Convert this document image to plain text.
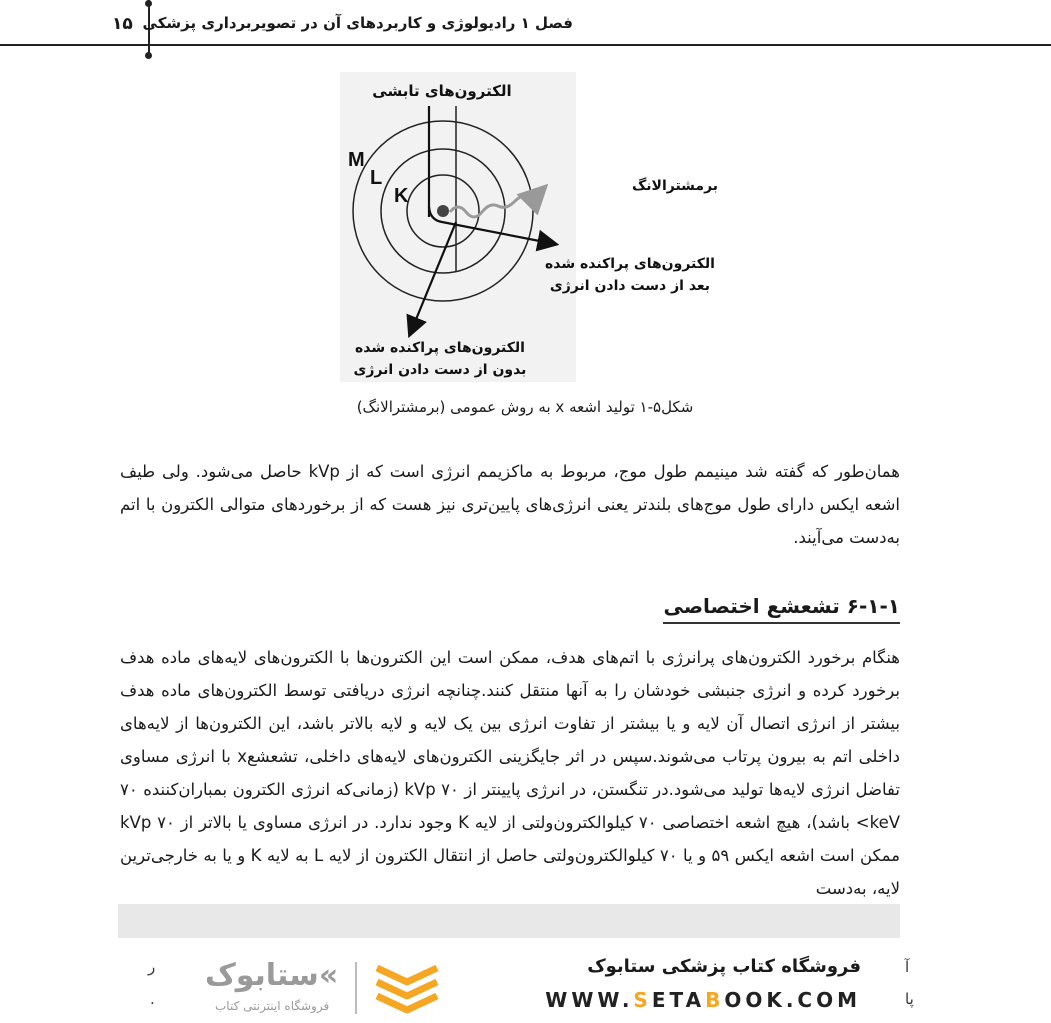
۱۵ فصل ۱ رادیولوژی و کاربردهای آن در تصویربرداری پزشکی
M
L
K
الکترون‌های تابشی
برمشترالانگ
الکترون‌های پراکنده شده
بعد از دست دادن انرژی
الکترون‌های پراکنده شده
بدون از دست دادن انرژی
شکل۵-۱ تولید اشعه x به روش عمومی (برمشترالانگ)
همان‌طور که گفته شد مینیمم طول موج، مربوط به ماکزیمم انرژی است که از kVp حاصل می‌شود. ولی طیف اشعه ایکس دارای طول موج‌های بلندتر یعنی انرژی‌های پایین‌تری نیز هست که از برخوردهای متوالی الکترون با اتم به‌دست می‌آیند.
۶-۱-۱ تشعشع اختصاصی
هنگام برخورد الکترون‌های پرانرژی با اتم‌های هدف، ممکن است این الکترون‌ها با الکترون‌های لایه‌های ماده هدف برخورد کرده و انرژی جنبشی خودشان را به آنها منتقل کنند.چنانچه انرژی دریافتی توسط الکترون‌های ماده هدف بیشتر از انرژی اتصال آن لایه و یا بیشتر از تفاوت انرژی بین یک لایه و لایه بالاتر باشد، این الکترون‌ها از لایه‌های داخلی اتم به بیرون پرتاب می‌شوند.سپس در اثر جایگزینی الکترون‌های لایه‌های داخلی، تشعشعx با انرژی مساوی تفاضل انرژی لایه‌ها تولید می‌شود.در تنگستن، در انرژی پایینتر از ۷۰ kVp (زمانی‌که انرژی الکترون بمباران‌کننده ۷۰ keV> باشد)، هیچ اشعه اختصاصی ۷۰ کیلوالکترون‌ولتی از لایه K وجود ندارد. در انرژی مساوی یا بالاتر از ۷۰ kVp ممکن است اشعه ایکس ۵۹ و یا ۷۰ کیلوالکترون‌ولتی حاصل از انتقال الکترون از لایه L به لایه K و یا به خارجی‌ترین لایه، به‌دست
ر
.
آ
پا
ستابوک«
فروشگاه اینترنتی کتاب
فروشگاه کتاب پزشکی ستابوک
WWW.SETABOOK.COM
